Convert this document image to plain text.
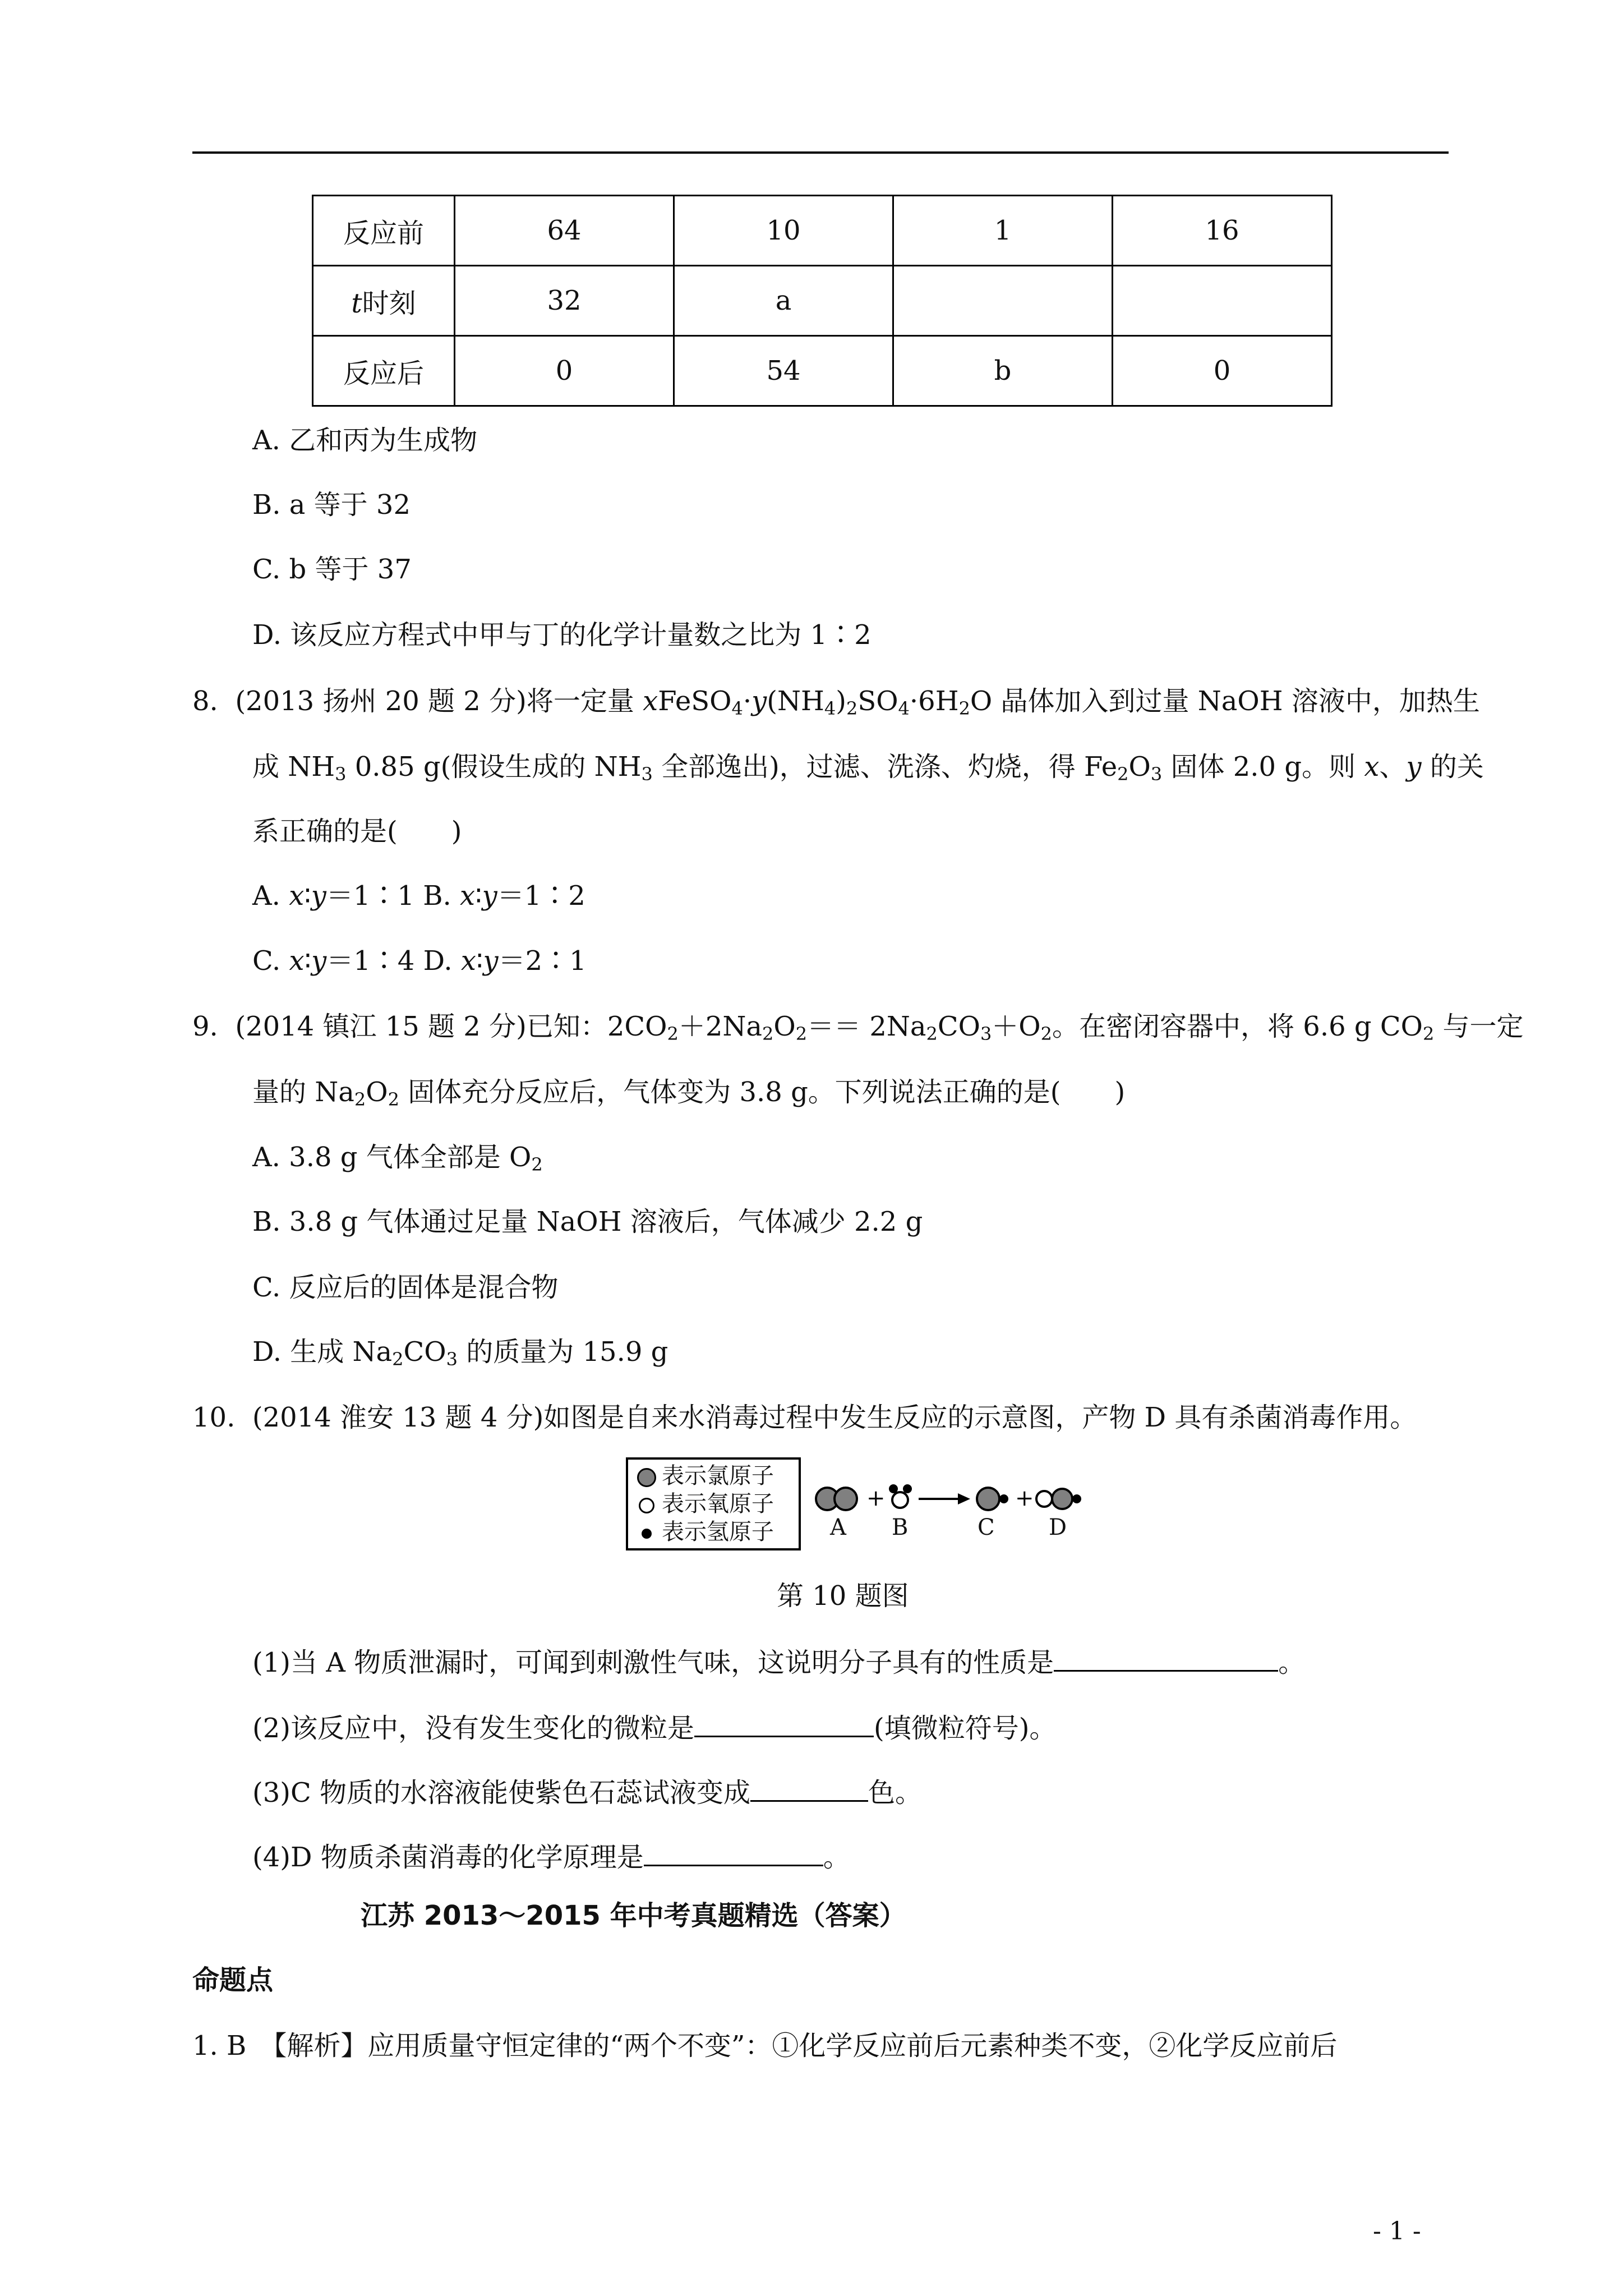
反应前	64	10	1	16
t时刻	32	a		
反应后	0	54	b	0
A. 乙和丙为生成物
B. a 等于 32
C. b 等于 37
D. 该反应方程式中甲与丁的化学计量数之比为 1∶2
8. (2013 扬州 20 题 2 分)将一定量 $xFeSO_4\cdot y(NH_4)_2SO_4\cdot 6H_2O$ 晶体加入到过量 NaOH 溶液中，加热生
成 $NH_3$ 0.85 g(假设生成的 $NH_3$ 全部逸出)，过滤、洗涤、灼烧，得 $Fe_2O_3$ 固体 2.0 g。则 x、y 的关
系正确的是(　　)
A. x∶y＝1∶1 B. x∶y＝1∶2
C. x∶y＝1∶4 D. x∶y＝2∶1
9. (2014 镇江 15 题 2 分)已知：$2CO_2+2Na_2O_2== 2Na_2CO_3+O_2$。在密闭容器中，将 6.6 g $CO_2$ 与一定
量的 $Na_2O_2$ 固体充分反应后，气体变为 3.8 g。下列说法正确的是(　　)
A. 3.8 g 气体全部是 $O_2$
B. 3.8 g 气体通过足量 NaOH 溶液后，气体减少 2.2 g
C. 反应后的固体是混合物
D. 生成 $Na_2CO_3$ 的质量为 15.9 g
10. (2014 淮安 13 题 4 分)如图是自来水消毒过程中发生反应的示意图，产物 D 具有杀菌消毒作用。
表示氯原子
表示氧原子
表示氢原子
+	+
A B	C D
第 10 题图
(1)当 A 物质泄漏时，可闻到刺激性气味，这说明分子具有的性质是	。
(2)该反应中，没有发生变化的微粒是	(填微粒符号)。
(3)C 物质的水溶液能使紫色石蕊试液变成	色。
(4)D 物质杀菌消毒的化学原理是	。
江苏 2013～2015 年中考真题精选（答案）
命题点
1. B　【解析】应用质量守恒定律的“两个不变”：①化学反应前后元素种类不变，②化学反应前后
- 1 -
